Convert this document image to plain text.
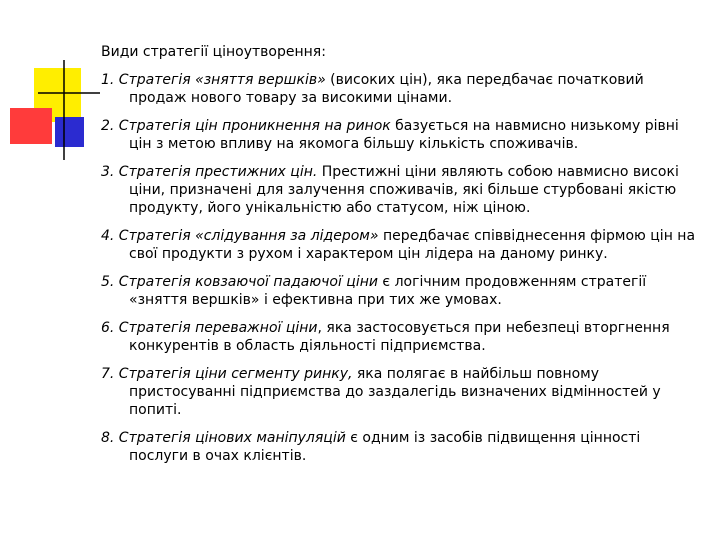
Види стратегії ціноутворення:
1. Стратегія «зняття вершків» (високих цін), яка передбачає початковий продаж нового товару за високими цінами.
2. Стратегія цін проникнення на ринок базується на навмисно низькому рівні цін з метою впливу на якомога більшу кількість споживачів.
3. Стратегія престижних цін. Престижні ціни являють собою навмисно високі ціни, призначені для залучення споживачів, які більше стурбовані якістю продукту, його унікальністю або статусом, ніж ціною.
4. Стратегія «слідування за лідером» передбачає співвіднесення фірмою цін на свої продукти з рухом і характером цін лідера на даному ринку.
5. Стратегія ковзаючої падаючої ціни є логічним продовженням стратегії «зняття вершків» і ефективна при тих же умовах.
6. Стратегія переважної ціни, яка застосовується при небезпеці вторгнення конкурентів в область діяльності підприємства.
7. Стратегія ціни сегменту ринку, яка полягає в найбільш повному пристосуванні підприємства до заздалегідь визначених відмінностей у попиті.
8. Стратегія цінових маніпуляцій є одним із засобів підвищення цінності послуги в очах клієнтів.
